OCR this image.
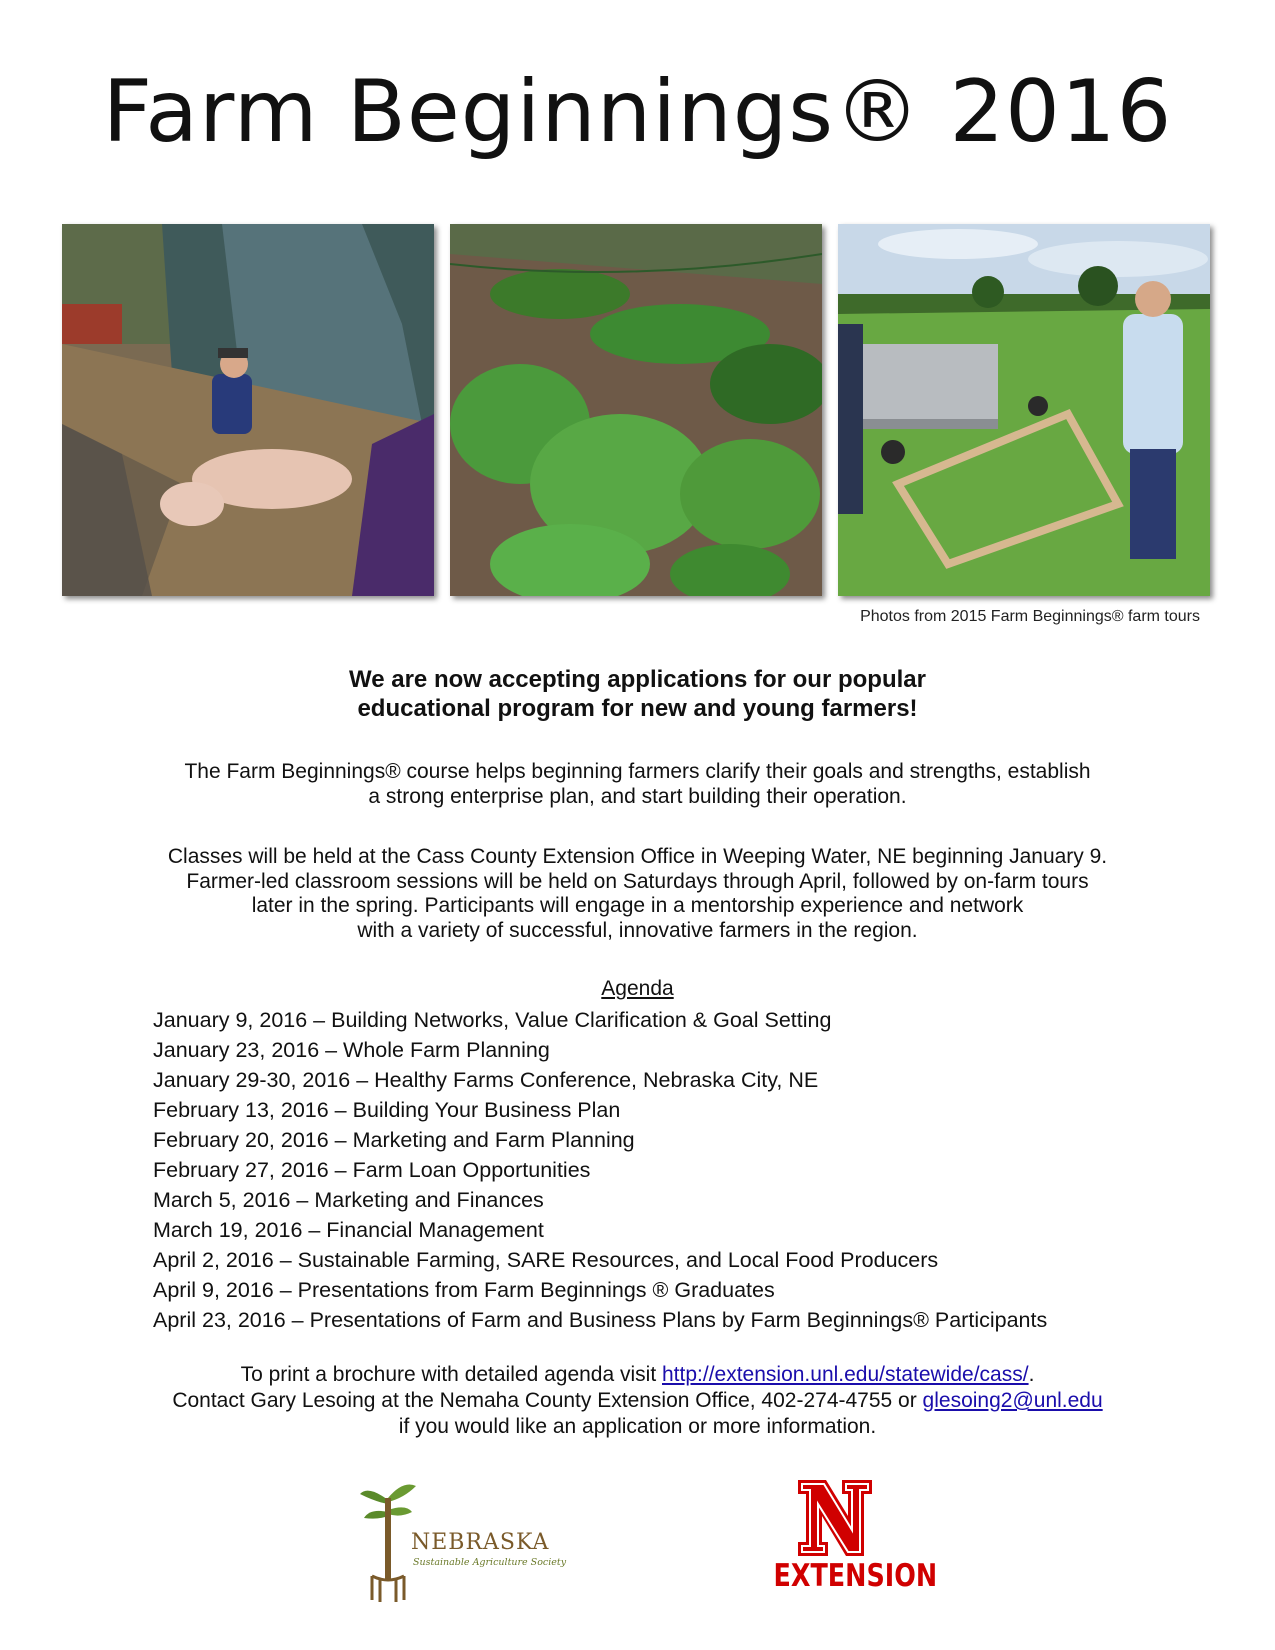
Farm Beginnings® 2016
Photos from 2015 Farm Beginnings® farm tours
We are now accepting applications for our popular
educational program for new and young farmers!
The Farm Beginnings® course helps beginning farmers clarify their goals and strengths, establish
a strong enterprise plan, and start building their operation.
Classes will be held at the Cass County Extension Office in Weeping Water, NE beginning January 9.
Farmer-led classroom sessions will be held on Saturdays through April, followed by on-farm tours
later in the spring. Participants will engage in a mentorship experience and network
with a variety of successful, innovative farmers in the region.
Agenda
January 9, 2016 – Building Networks, Value Clarification & Goal Setting
January 23, 2016 – Whole Farm Planning
January 29-30, 2016 – Healthy Farms Conference, Nebraska City, NE
February 13, 2016 – Building Your Business Plan
February 20, 2016 – Marketing and Farm Planning
February 27, 2016 – Farm Loan Opportunities
March 5, 2016 – Marketing and Finances
March 19, 2016 – Financial Management
April 2, 2016 – Sustainable Farming, SARE Resources, and Local Food Producers
April 9, 2016 – Presentations from Farm Beginnings ® Graduates
April 23, 2016 – Presentations of Farm and Business Plans by Farm Beginnings® Participants
To print a brochure with detailed agenda visit http://extension.unl.edu/statewide/cass/.
Contact Gary Lesoing at the Nemaha County Extension Office, 402-274-4755 or glesoing2@unl.edu
if you would like an application or more information.
NEBRASKA
Sustainable Agriculture Society	EXTENSION
